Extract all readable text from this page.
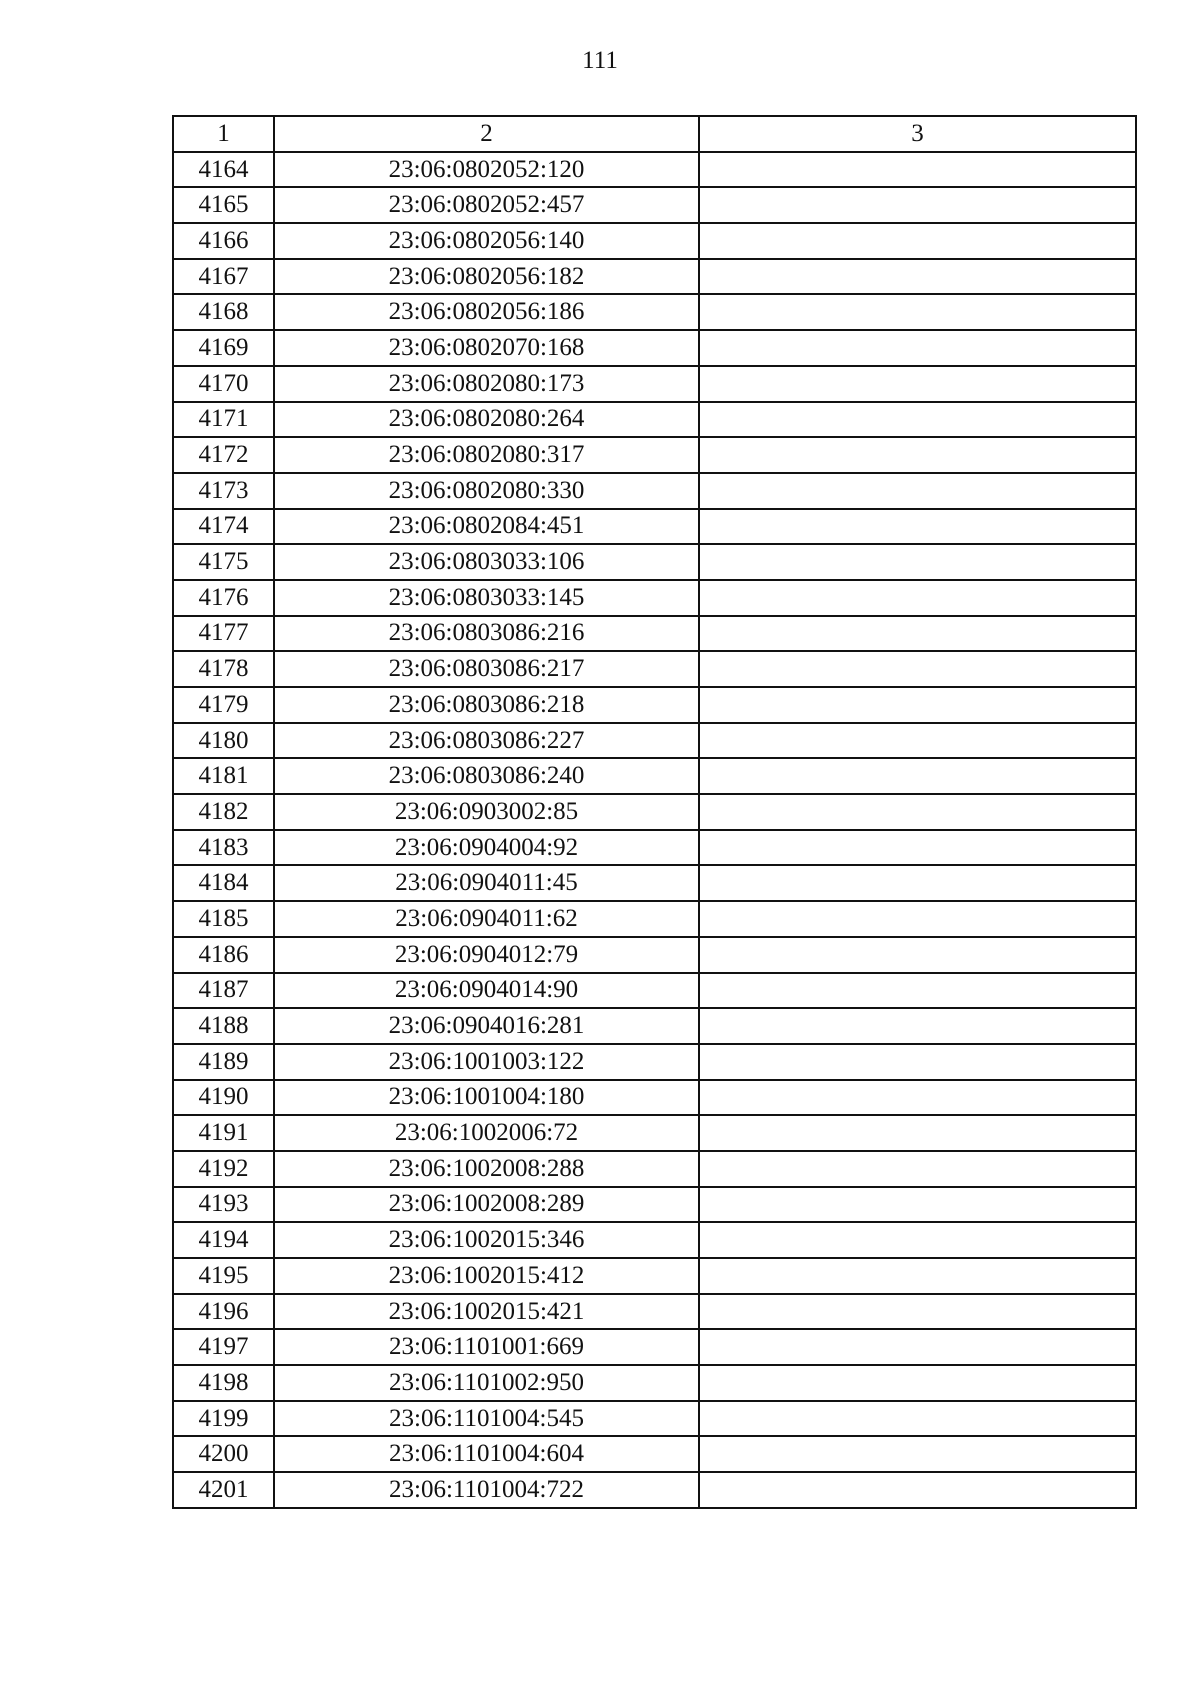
111
1	2	3
4164	23:06:0802052:120	
4165	23:06:0802052:457	
4166	23:06:0802056:140	
4167	23:06:0802056:182	
4168	23:06:0802056:186	
4169	23:06:0802070:168	
4170	23:06:0802080:173	
4171	23:06:0802080:264	
4172	23:06:0802080:317	
4173	23:06:0802080:330	
4174	23:06:0802084:451	
4175	23:06:0803033:106	
4176	23:06:0803033:145	
4177	23:06:0803086:216	
4178	23:06:0803086:217	
4179	23:06:0803086:218	
4180	23:06:0803086:227	
4181	23:06:0803086:240	
4182	23:06:0903002:85	
4183	23:06:0904004:92	
4184	23:06:0904011:45	
4185	23:06:0904011:62	
4186	23:06:0904012:79	
4187	23:06:0904014:90	
4188	23:06:0904016:281	
4189	23:06:1001003:122	
4190	23:06:1001004:180	
4191	23:06:1002006:72	
4192	23:06:1002008:288	
4193	23:06:1002008:289	
4194	23:06:1002015:346	
4195	23:06:1002015:412	
4196	23:06:1002015:421	
4197	23:06:1101001:669	
4198	23:06:1101002:950	
4199	23:06:1101004:545	
4200	23:06:1101004:604	
4201	23:06:1101004:722	
